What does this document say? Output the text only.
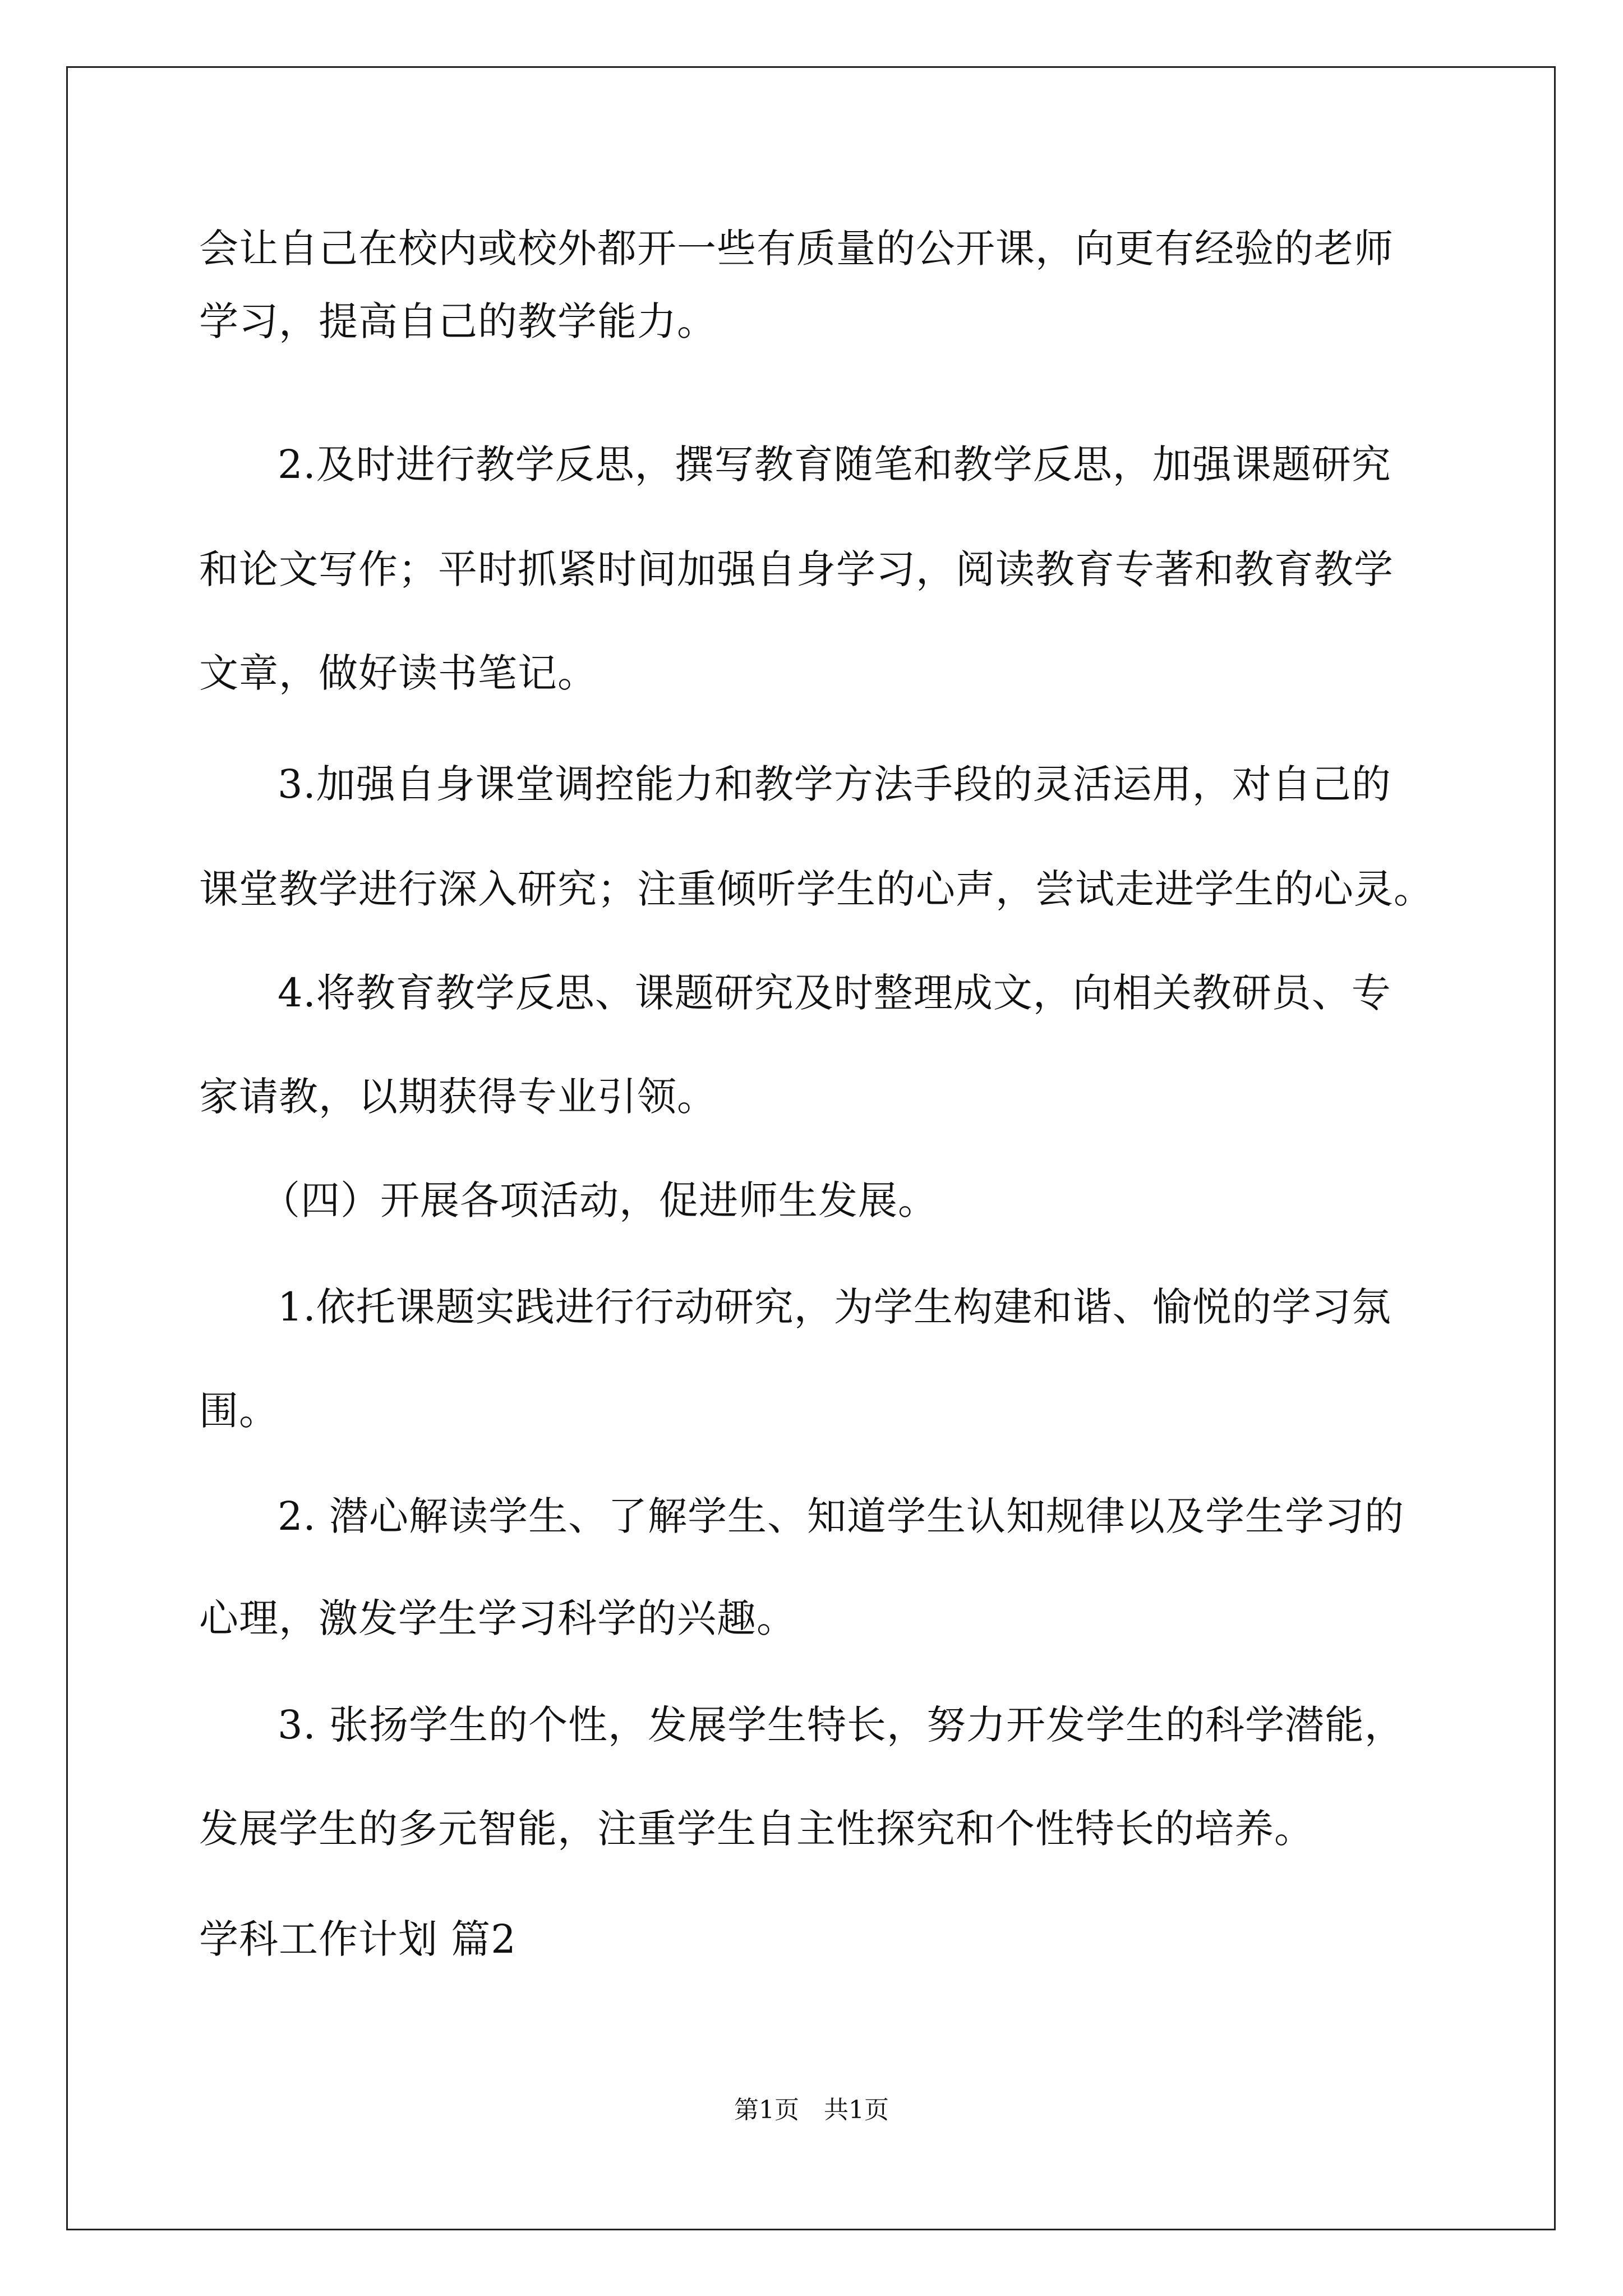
会让自己在校内或校外都开一些有质量的公开课，向更有经验的老师
学习，提高自己的教学能力。
2.及时进行教学反思，撰写教育随笔和教学反思，加强课题研究
和论文写作；平时抓紧时间加强自身学习，阅读教育专著和教育教学
文章，做好读书笔记。
3.加强自身课堂调控能力和教学方法手段的灵活运用，对自己的
课堂教学进行深入研究；注重倾听学生的心声，尝试走进学生的心灵。
4.将教育教学反思、课题研究及时整理成文，向相关教研员、专
家请教，以期获得专业引领。
（四）开展各项活动，促进师生发展。
1.依托课题实践进行行动研究，为学生构建和谐、愉悦的学习氛
围。
2. 潜心解读学生、了解学生、知道学生认知规律以及学生学习的
心理，激发学生学习科学的兴趣。
3. 张扬学生的个性，发展学生特长，努力开发学生的科学潜能，
发展学生的多元智能，注重学生自主性探究和个性特长的培养。
学科工作计划 篇2
第1页　共1页
